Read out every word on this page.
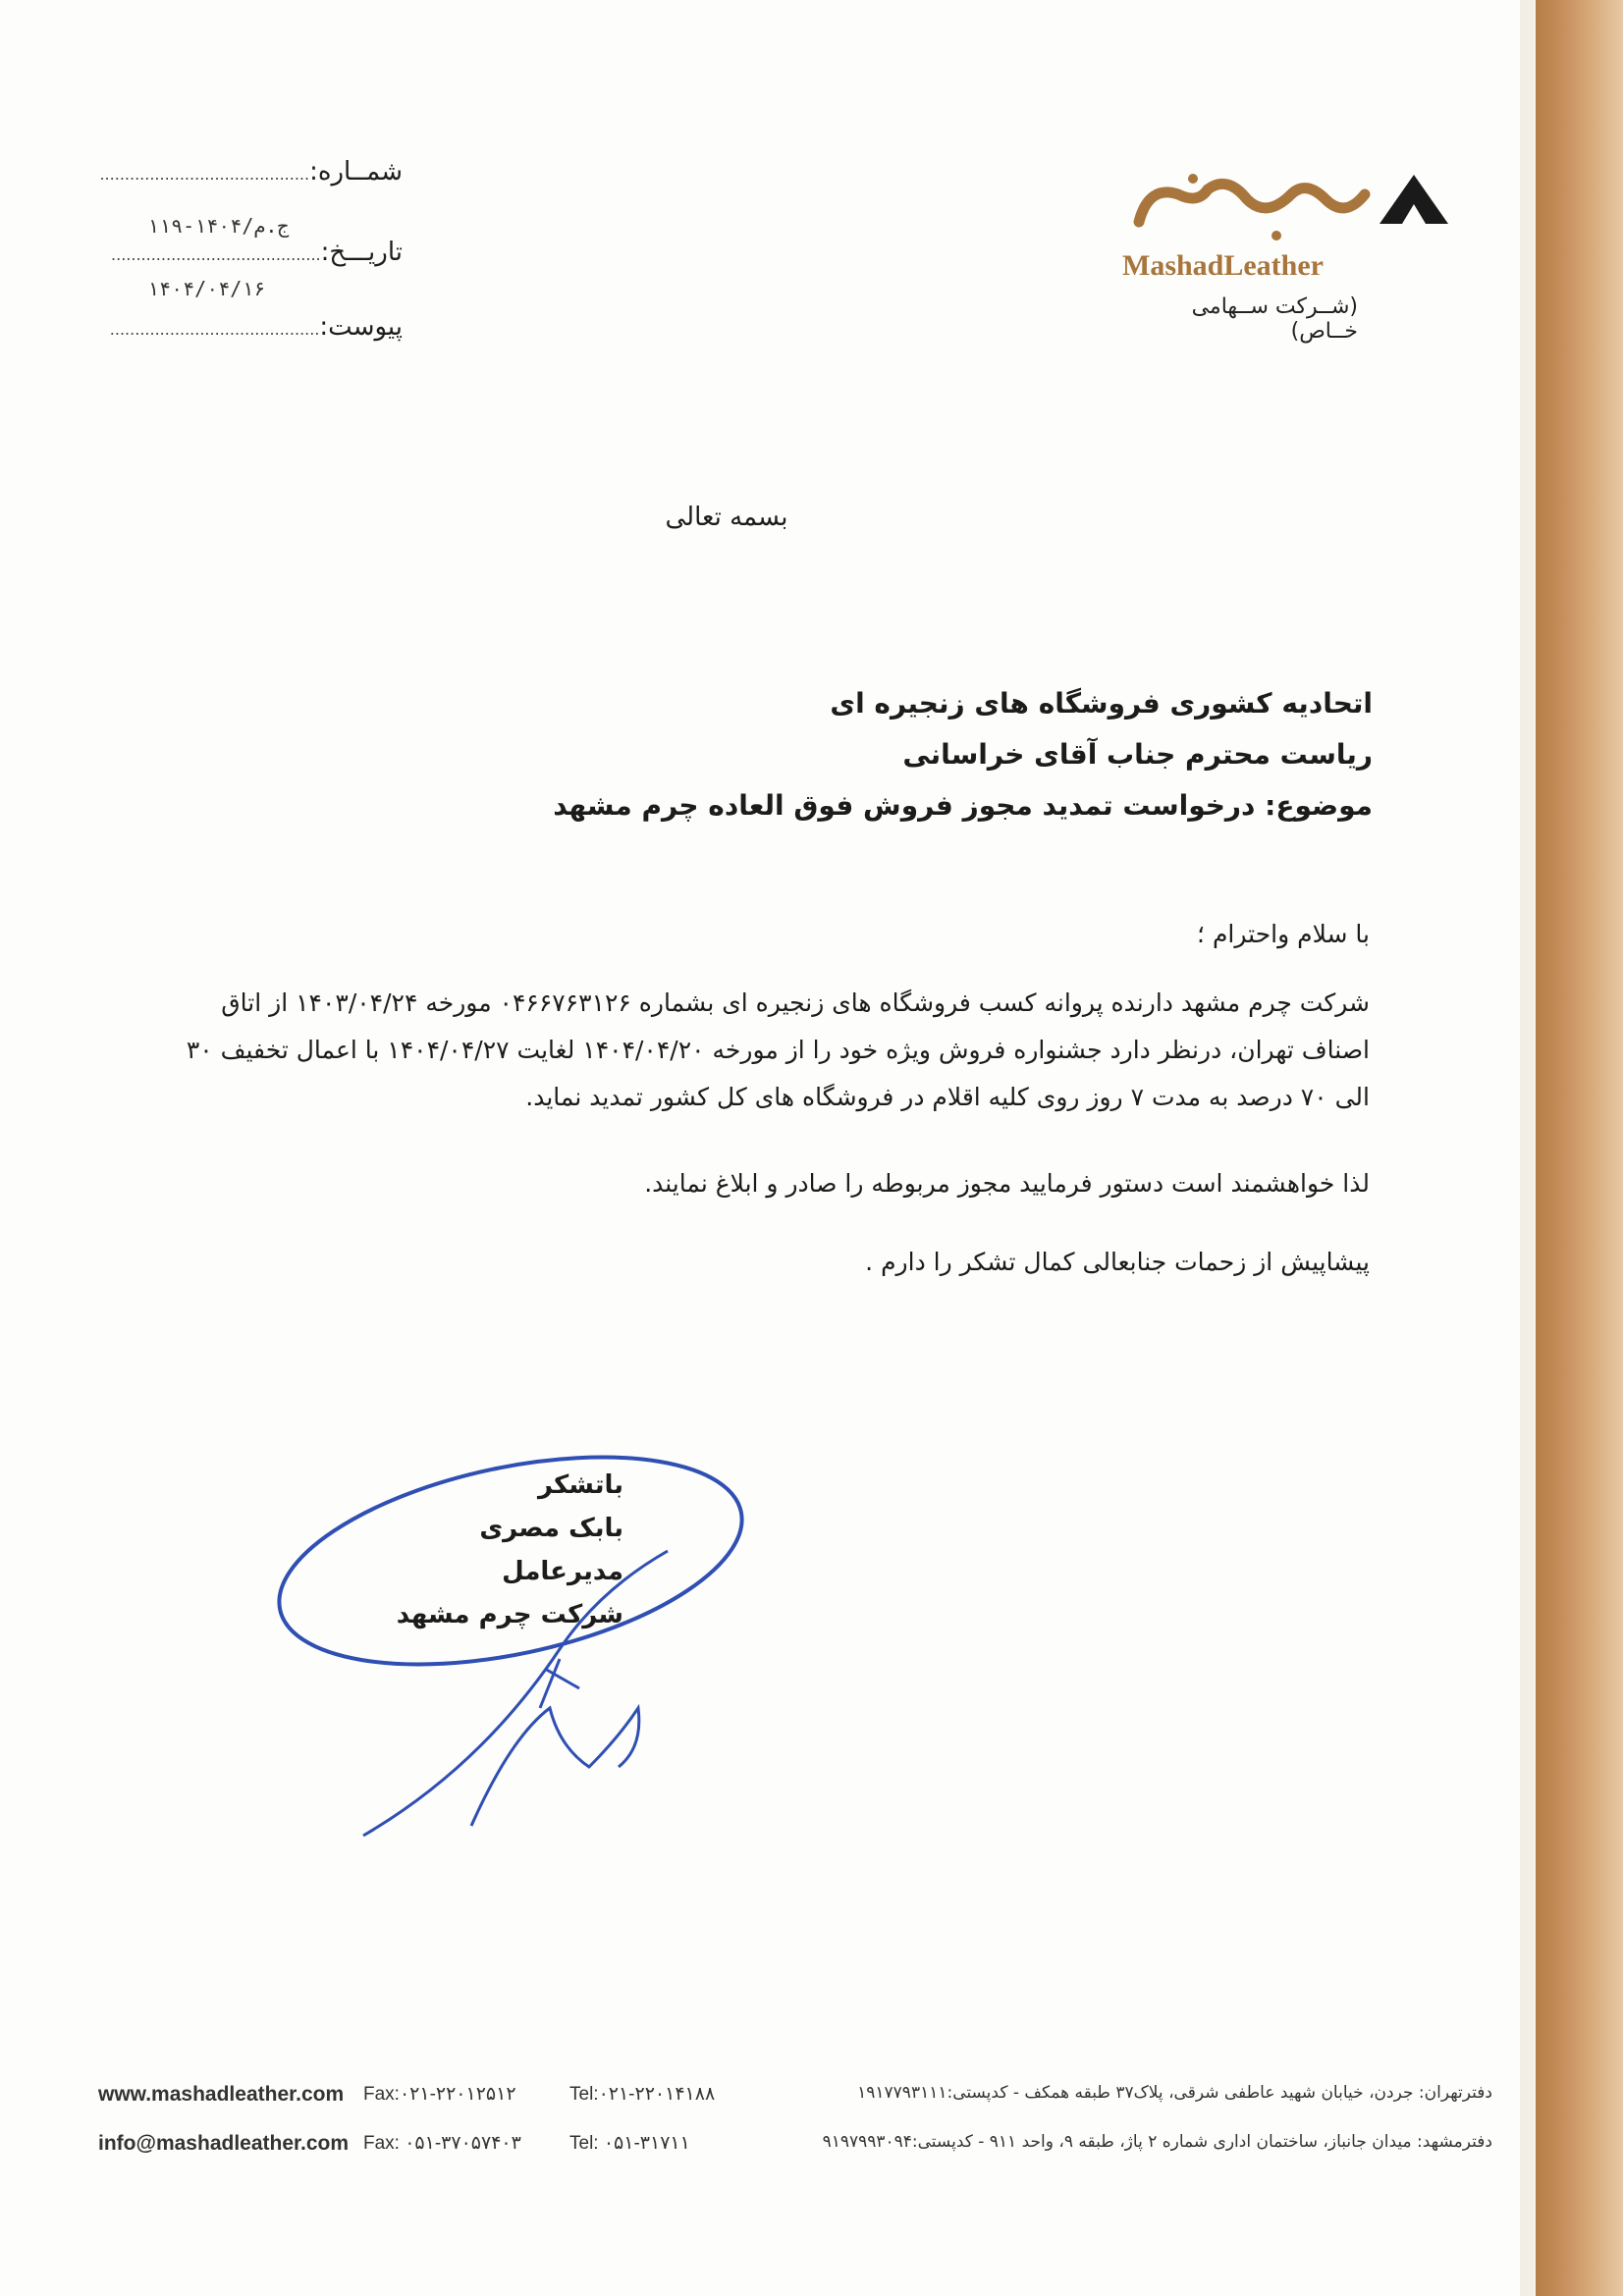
MashadLeather
(شــرکت ســهامی خــاص)
شمــاره:..........................................
۱۱۹-۱۴۰۴/ج.م
تاریـــخ:..........................................
۱۴۰۴/۰۴/۱۶
پیوست:..........................................
بسمه تعالی
اتحادیه کشوری فروشگاه های زنجیره ای
ریاست محترم جناب آقای خراسانی
موضوع: درخواست تمدید مجوز فروش فوق العاده چرم مشهد
با سلام واحترام ؛
شرکت چرم مشهد دارنده پروانه کسب فروشگاه های زنجیره ای بشماره ۰۴۶۶۷۶۳۱۲۶ مورخه ۱۴۰۳/۰۴/۲۴ از اتاق
اصناف تهران، درنظر دارد جشنواره فروش ویژه خود را از مورخه ۱۴۰۴/۰۴/۲۰ لغایت ۱۴۰۴/۰۴/۲۷ با اعمال تخفیف ۳۰
الی ۷۰ درصد به مدت ۷ روز روی کلیه اقلام در فروشگاه های کل کشور تمدید نماید.
لذا خواهشمند است دستور فرمایید مجوز مربوطه را صادر و ابلاغ نمایند.
پیشاپیش از زحمات جنابعالی کمال تشکر را دارم .
باتشکر
بابک مصری
مدیرعامل
شرکت چرم مشهد
www.mashadleather.com Fax:۰۲۱-۲۲۰۱۲۵۱۲	Tel:۰۲۱-۲۲۰۱۴۱۸۸	دفترتهران: جردن، خیابان شهید عاطفی شرقی، پلاک۳۷ طبقه همکف - کدپستی:۱۹۱۷۷۹۳۱۱۱
info@mashadleather.com Fax: ۰۵۱-۳۷۰۵۷۴۰۳	Tel: ۰۵۱-۳۱۷۱۱	دفترمشهد: میدان جانباز، ساختمان اداری شماره ۲ پاژ، طبقه ۹، واحد ۹۱۱ - کدپستی:۹۱۹۷۹۹۳۰۹۴
